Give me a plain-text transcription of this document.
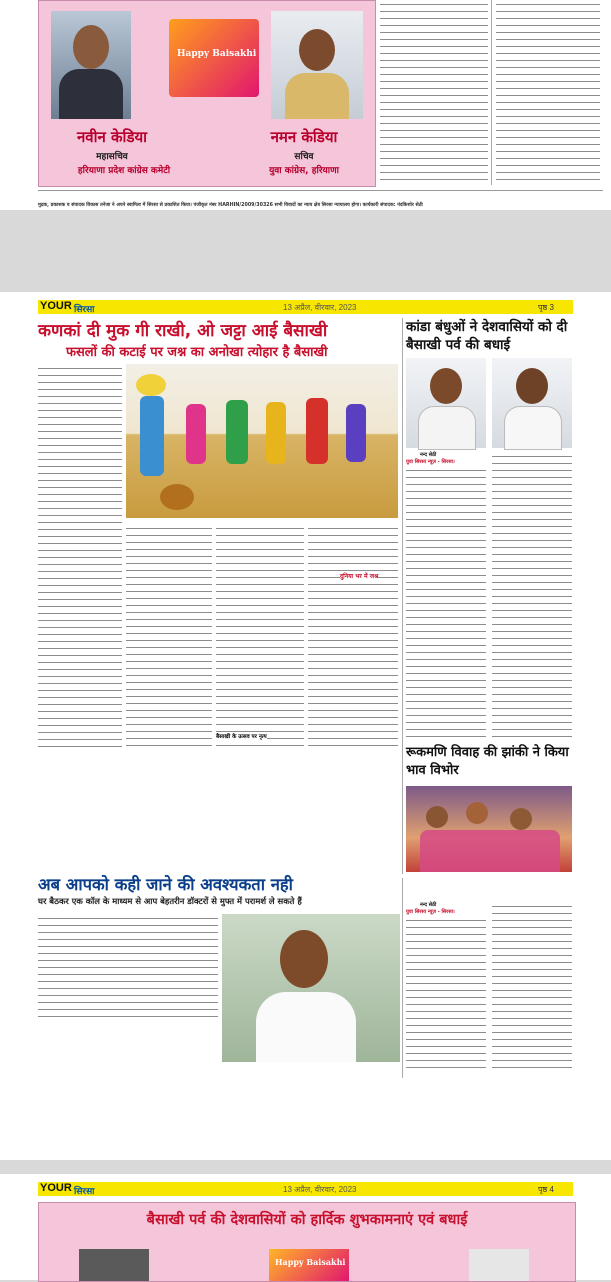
Happy Baisakhi
नवीन केडिया
महासचिव
हरियाणा प्रदेश कांग्रेस कमेटी
नमन केडिया
सचिव
युवा कांग्रेस, हरियाणा
मुद्रक, प्रकाशक व संपादक विकास तनेजा ने अपने स्वामित्व में सिरसा से प्रकाशित किया। पंजीकृत नंबर HARHIN/2009/30326 सभी विवादों का न्याय क्षेत्र सिरसा न्यायालय होगा। कार्यकारी संपादक: नंदकिशोर सेठी
YOUR सिरसा	13 अप्रैल, वीरवार, 2023	पृष्ठ 3
कणकां दी मुक गी राखी, ओ जट्टा आई बैसाखी
फसलों की कटाई पर जश्न का अनोखा त्योहार है बैसाखी
बैसाखी के उत्सव पर नृत्य
दुनिया भर में जश्न
कांडा बंधुओं ने देशवासियों को दी बैसाखी पर्व की बधाई
नन्द सेठी
युवा सिरसा न्यूज़ - सिरसा।
रूकमणि विवाह की झांकी ने किया भाव विभोर
अब आपको कही जाने की अवश्यकता नही
घर बैठकर एक कॉल के माध्यम से आप बेहतरीन डॉक्टरों से मुफ्त में परामर्श ले सकते हैं	नन्द सेठी
युवा सिरसा न्यूज़ - सिरसा।
YOUR सिरसा	13 अप्रैल, वीरवार, 2023	पृष्ठ 4
बैसाखी पर्व की देशवासियों को हार्दिक शुभकामनाएं एवं बधाई
Happy Baisakhi
